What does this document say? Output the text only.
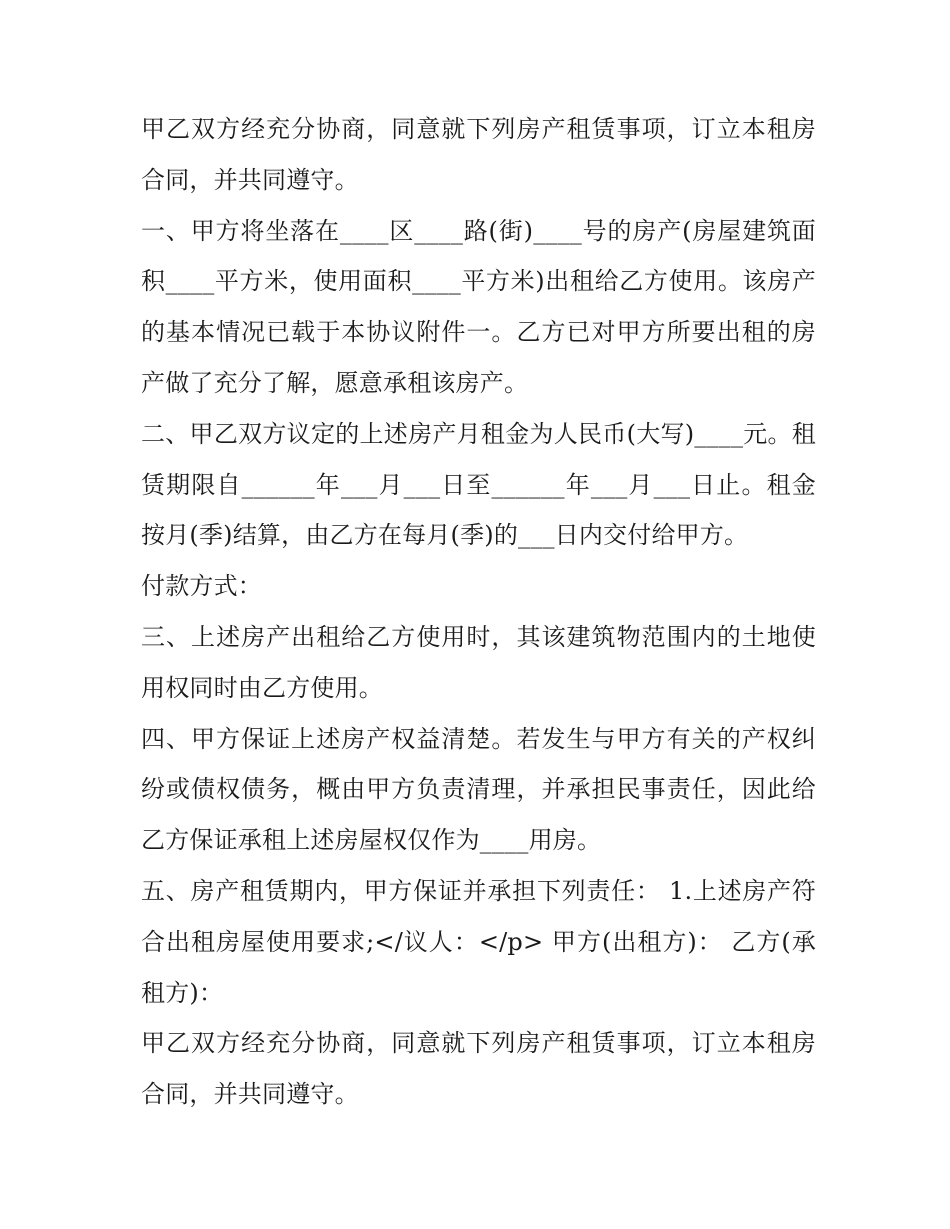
甲乙双方经充分协商，同意就下列房产租赁事项，订立本租房合同，并共同遵守。

一、甲方将坐落在____区____路(街)____号的房产(房屋建筑面积____平方米，使用面积____平方米)出租给乙方使用。该房产的基本情况已载于本协议附件一。乙方已对甲方所要出租的房产做了充分了解，愿意承租该房产。

二、甲乙双方议定的上述房产月租金为人民币(大写)____元。租赁期限自______年___月___日至______年___月___日止。租金按月(季)结算，由乙方在每月(季)的___日内交付给甲方。

付款方式：

三、上述房产出租给乙方使用时，其该建筑物范围内的土地使用权同时由乙方使用。

四、甲方保证上述房产权益清楚。若发生与甲方有关的产权纠纷或债权债务，概由甲方负责清理，并承担民事责任，因此给乙方保证承租上述房屋权仅作为____用房。

五、房产租赁期内，甲方保证并承担下列责任： 1.上述房产符合出租房屋使用要求;</议人：</p> 甲方(出租方)： 乙方(承租方)：

甲乙双方经充分协商，同意就下列房产租赁事项，订立本租房合同，并共同遵守。
